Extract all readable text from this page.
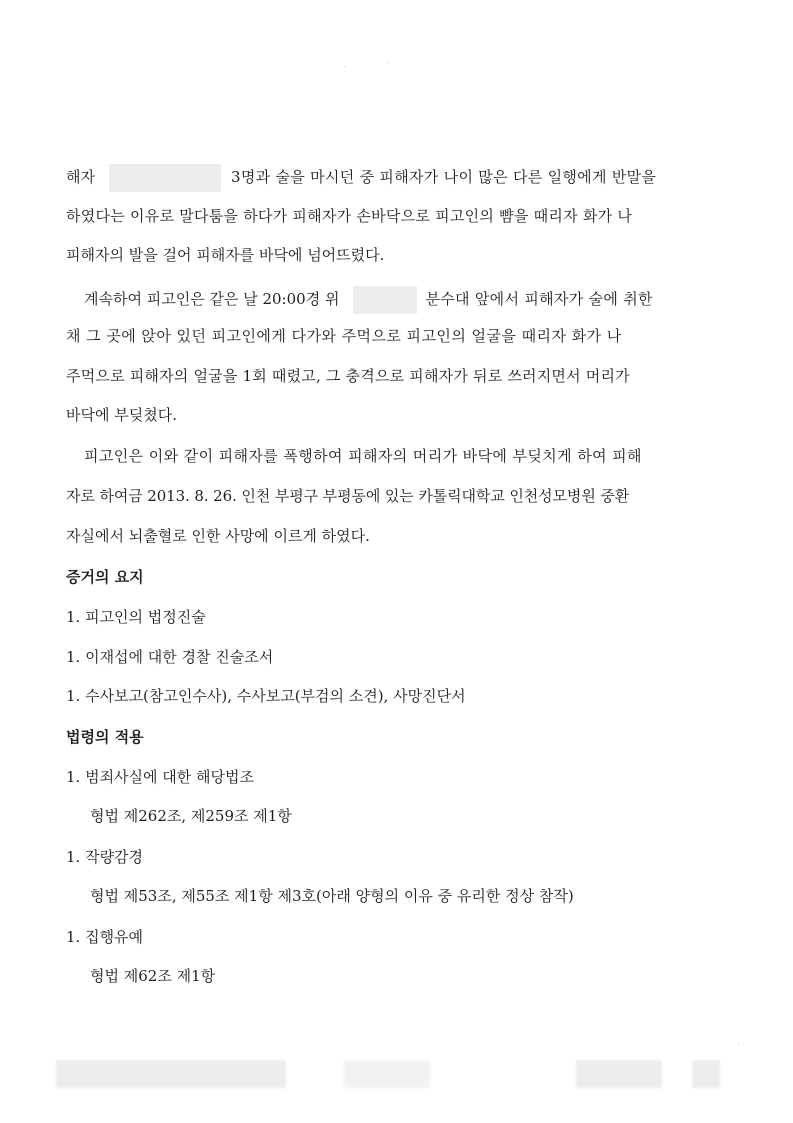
해자	3명과 술을 마시던 중 피해자가 나이 많은 다른 일행에게 반말을
하였다는 이유로 말다툼을 하다가 피해자가 손바닥으로 피고인의 뺨을 때리자 화가 나
피해자의 발을 걸어 피해자를 바닥에 넘어뜨렸다.
계속하여 피고인은 같은 날 20:00경 위	분수대 앞에서 피해자가 술에 취한
채 그 곳에 앉아 있던 피고인에게 다가와 주먹으로 피고인의 얼굴을 때리자 화가 나
주먹으로 피해자의 얼굴을 1회 때렸고, 그 충격으로 피해자가 뒤로 쓰러지면서 머리가
바닥에 부딪쳤다.
피고인은 이와 같이 피해자를 폭행하여 피해자의 머리가 바닥에 부딪치게 하여 피해
자로 하여금 2013. 8. 26. 인천 부평구 부평동에 있는 카톨릭대학교 인천성모병원 중환
자실에서 뇌출혈로 인한 사망에 이르게 하였다.
증거의 요지
1. 피고인의 법정진술
1. 이재섭에 대한 경찰 진술조서
1. 수사보고(참고인수사), 수사보고(부검의 소견), 사망진단서
법령의 적용
1. 범죄사실에 대한 해당법조
형법 제262조, 제259조 제1항
1. 작량감경
형법 제53조, 제55조 제1항 제3호(아래 양형의 이유 중 유리한 정상 참작)
1. 집행유예
형법 제62조 제1항
